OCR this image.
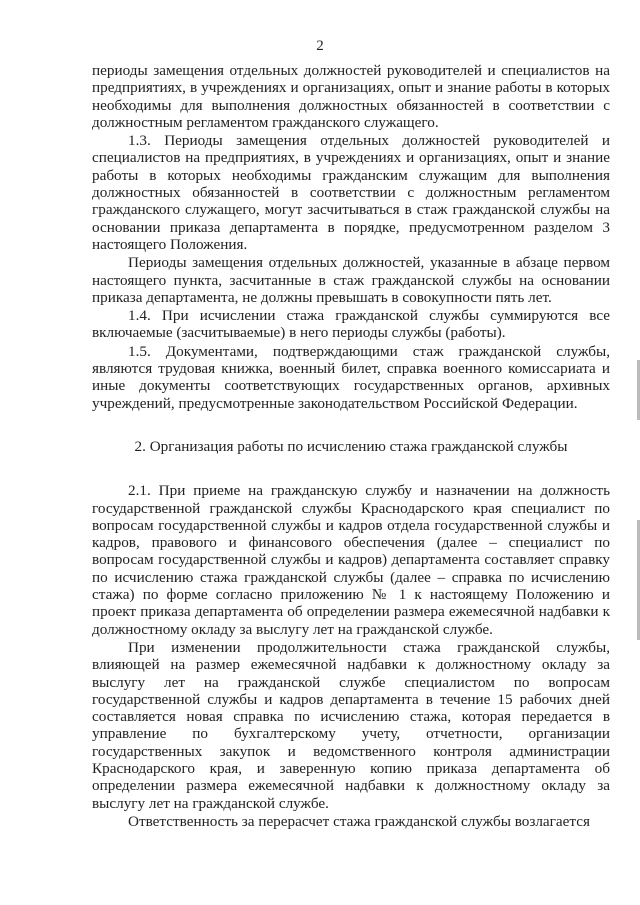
2

периоды замещения отдельных должностей руководителей и специалистов на предприятиях, в учреждениях и организациях, опыт и знание работы в которых необходимы для выполнения должностных обязанностей в соответствии с должностным регламентом гражданского служащего.

1.3. Периоды замещения отдельных должностей руководителей и специалистов на предприятиях, в учреждениях и организациях, опыт и знание работы в которых необходимы гражданским служащим для выполнения должностных обязанностей в соответствии с должностным регламентом гражданского служащего, могут засчитываться в стаж гражданской службы на основании приказа департамента в порядке, предусмотренном разделом 3 настоящего Положения.

Периоды замещения отдельных должностей, указанные в абзаце первом настоящего пункта, засчитанные в стаж гражданской службы на основании приказа департамента, не должны превышать в совокупности пять лет.

1.4. При исчислении стажа гражданской службы суммируются все включаемые (засчитываемые) в него периоды службы (работы).

1.5. Документами, подтверждающими стаж гражданской службы, являются трудовая книжка, военный билет, справка военного комиссариата и иные документы соответствующих государственных органов, архивных учреждений, предусмотренные законодательством Российской Федерации.

2. Организация работы по исчислению стажа гражданской службы

2.1. При приеме на гражданскую службу и назначении на должность государственной гражданской службы Краснодарского края специалист по вопросам государственной службы и кадров отдела государственной службы и кадров, правового и финансового обеспечения (далее – специалист по вопросам государственной службы и кадров) департамента составляет справку по исчислению стажа гражданской службы (далее – справка по исчислению стажа) по форме согласно приложению № 1 к настоящему Положению и проект приказа департамента об определении размера ежемесячной надбавки к должностному окладу за выслугу лет на гражданской службе.

При изменении продолжительности стажа гражданской службы, влияющей на размер ежемесячной надбавки к должностному окладу за выслугу лет на гражданской службе специалистом по вопросам государственной службы и кадров департамента в течение 15 рабочих дней составляется новая справка по исчислению стажа, которая передается в управление по бухгалтерскому учету, отчетности, организации государственных закупок и ведомственного контроля администрации Краснодарского края, и заверенную копию приказа департамента об определении размера ежемесячной надбавки к должностному окладу за выслугу лет на гражданской службе.

Ответственность за перерасчет стажа гражданской службы возлагается
